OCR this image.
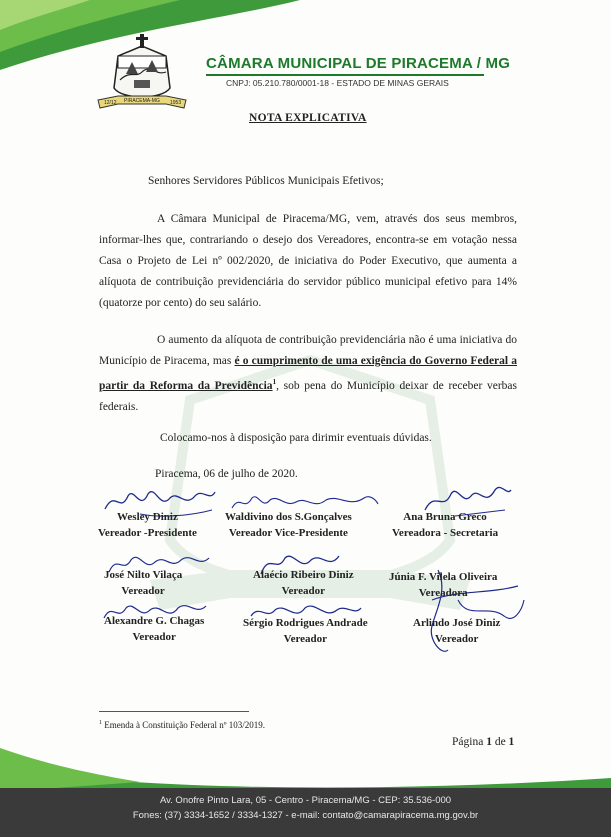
12/12 PIRACEMA-MG 1953
CÂMARA MUNICIPAL DE PIRACEMA / MG
CNPJ: 05.210.780/0001-18 - ESTADO DE MINAS GERAIS
NOTA EXPLICATIVA
Senhores Servidores Públicos Municipais Efetivos;
A Câmara Municipal de Piracema/MG, vem, através dos seus membros, informar-lhes que, contrariando o desejo dos Vereadores, encontra-se em votação nessa Casa o Projeto de Lei nº 002/2020, de iniciativa do Poder Executivo, que aumenta a alíquota de contribuição previdenciária do servidor público municipal efetivo para 14% (quatorze por cento) do seu salário.
O aumento da alíquota de contribuição previdenciária não é uma iniciativa do Município de Piracema, mas é o cumprimento de uma exigência do Governo Federal a partir da Reforma da Previdência$^1$, sob pena do Município deixar de receber verbas federais.
Colocamo-nos à disposição para dirimir eventuais dúvidas.
Piracema, 06 de julho de 2020.
Wesley Diniz
Vereador -Presidente
Waldivino dos S.Gonçalves
Vereador Vice-Presidente
Ana Bruna Greco
Vereadora - Secretaria
José Nilto Vilaça
Vereador
Alaécio Ribeiro Diniz
Vereador
Júnia F. Vilela Oliveira
Vereadora
Alexandre G. Chagas
Vereador
Sérgio Rodrigues Andrade
Vereador
Arlindo José Diniz
Vereador
$^1$ Emenda à Constituição Federal nº 103/2019.
Página 1 de 1
Av. Onofre Pinto Lara, 05 - Centro - Piracema/MG - CEP: 35.536-000
Fones: (37) 3334-1652 / 3334-1327 - e-mail: contato@camarapiracema.mg.gov.br
